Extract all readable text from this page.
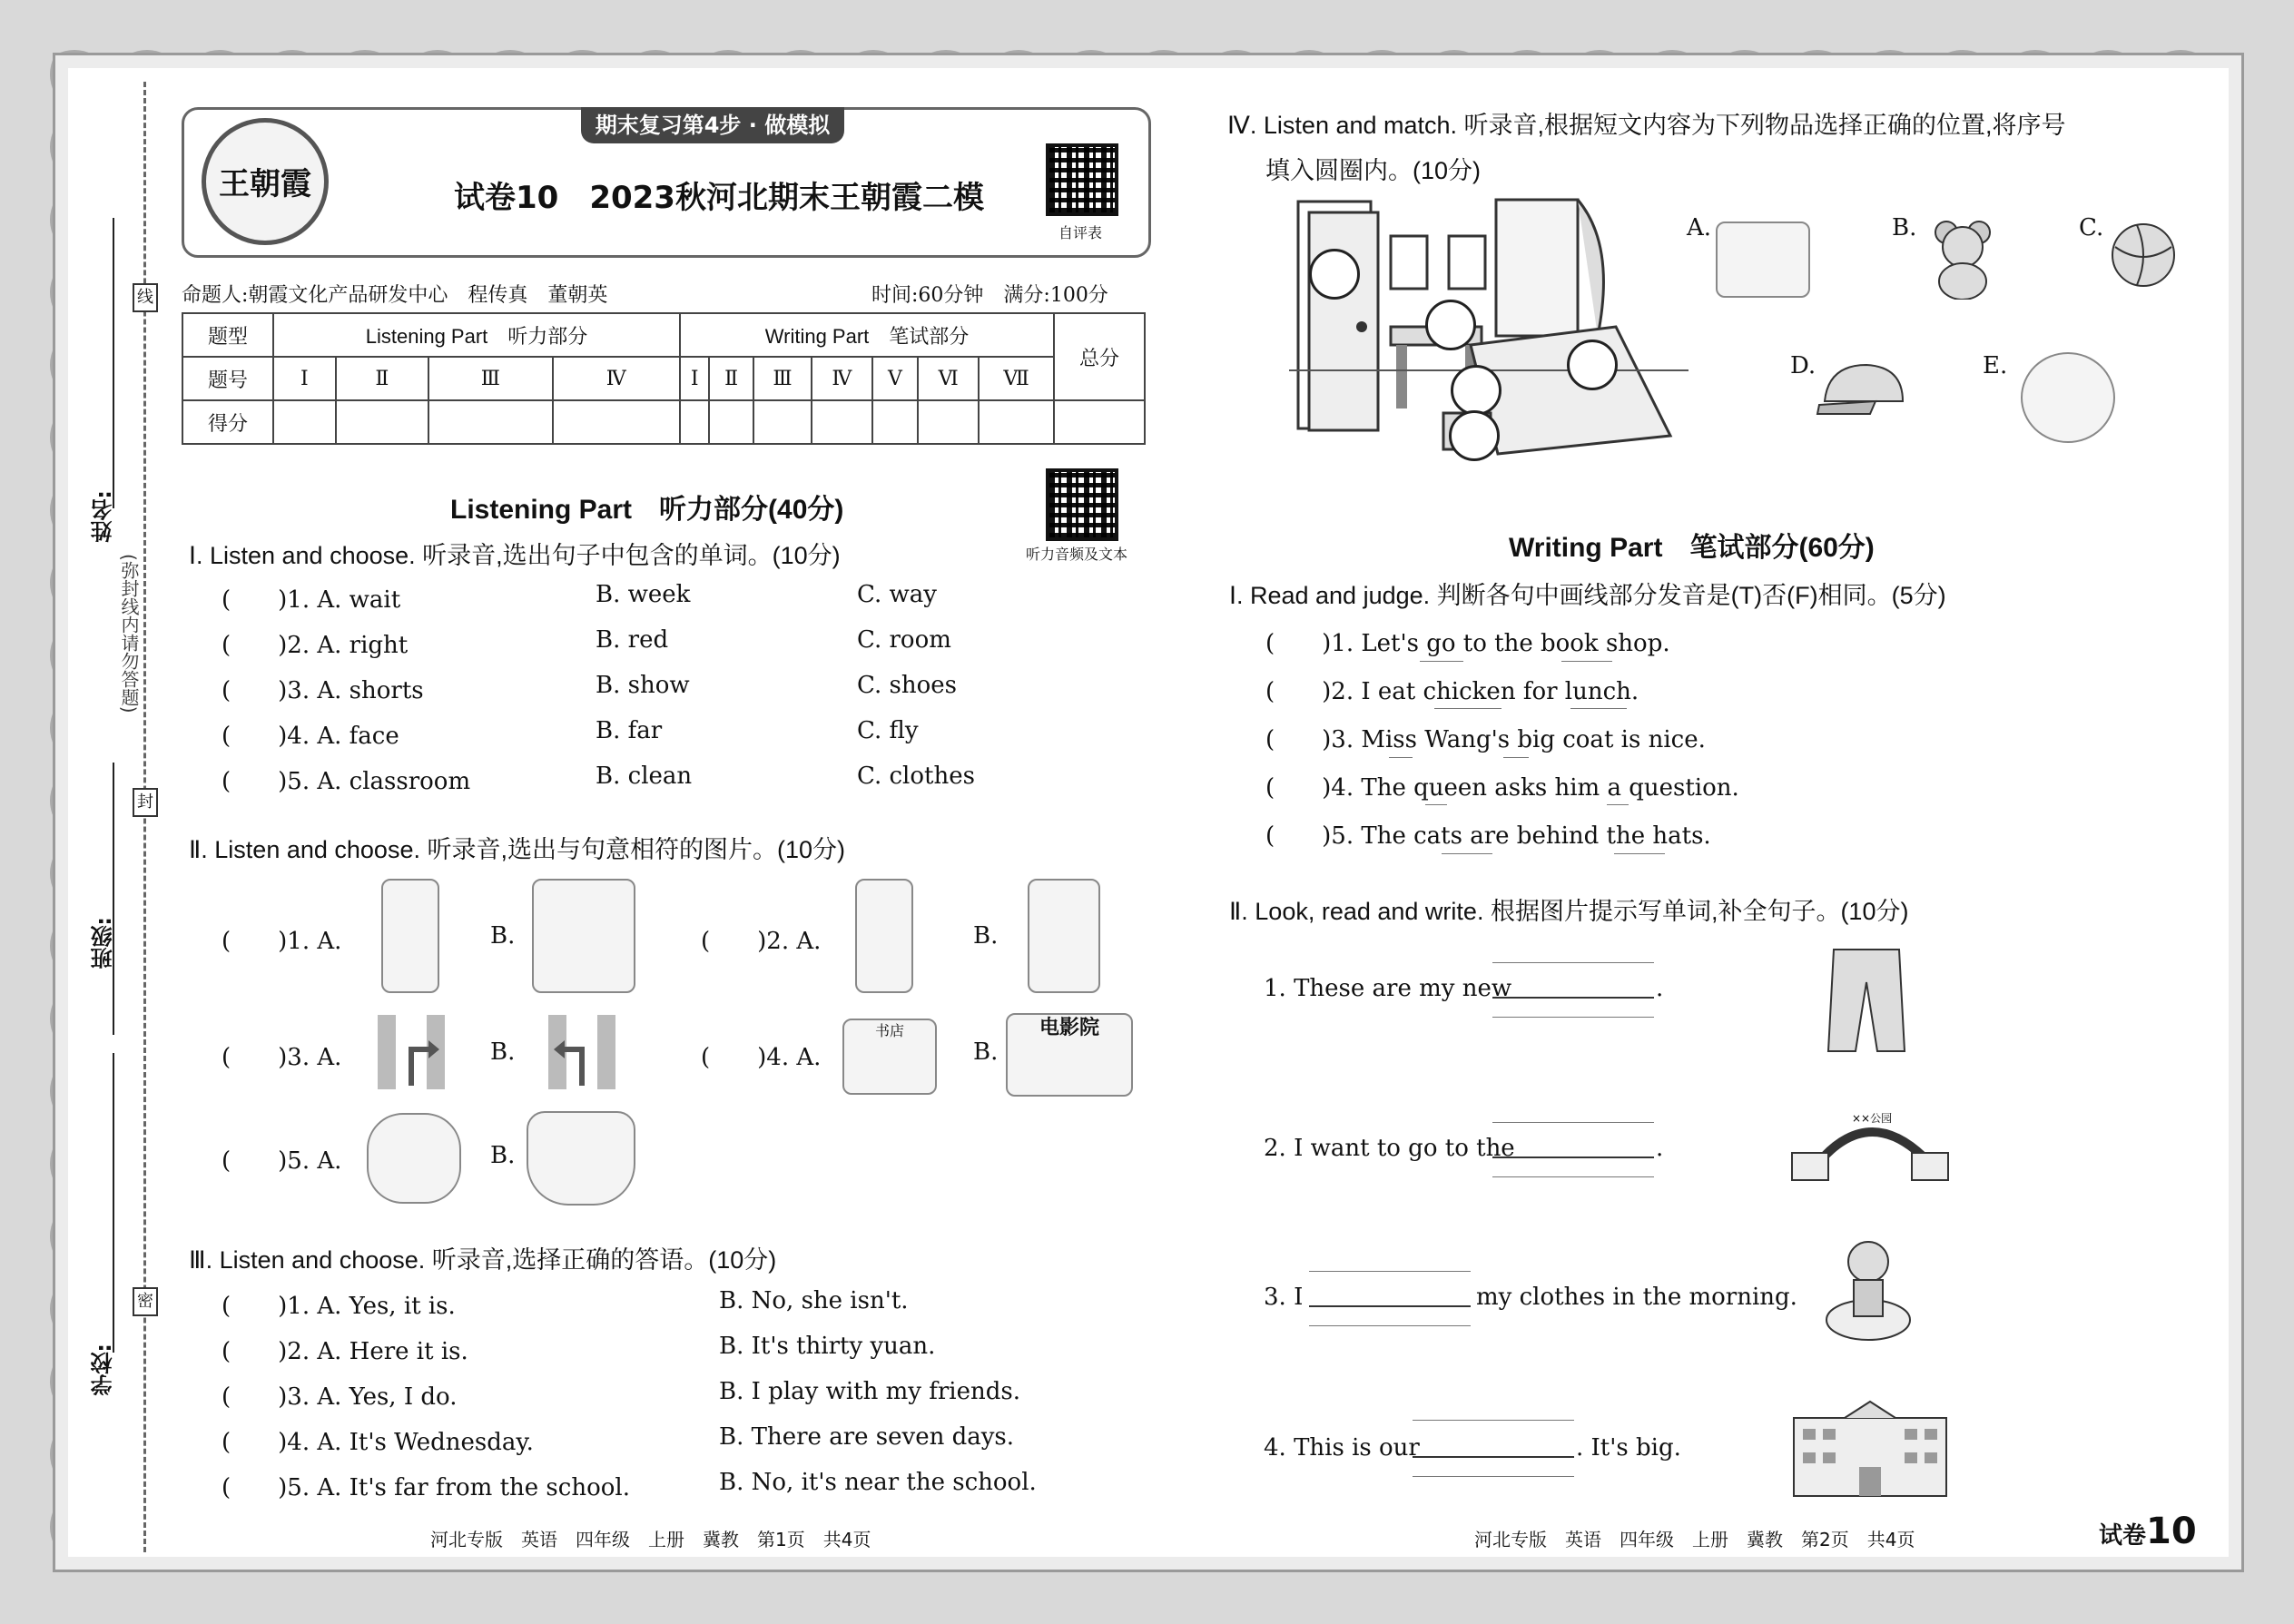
姓名:
班级:
学校:
线
封
密
(弥封线内请勿答题)
期末复习第4步 · 做模拟
王朝霞	试卷10　2023秋河北期末王朝霞二模
自评表
命题人:朝霞文化产品研发中心　程传真　董朝英	时间:60分钟　满分:100分
题型	Listening Part　听力部分				Writing Part　笔试部分							总分
题号	Ⅰ	Ⅱ	Ⅲ	Ⅳ	Ⅰ	Ⅱ	Ⅲ	Ⅳ	Ⅴ	Ⅵ	Ⅶ	
得分												
Listening Part　听力部分(40分)
听力音频及文本
Ⅰ. Listen and choose. 听录音,选出句子中包含的单词。(10分)
(　　)1. A. wait	B. week	C. way
(　　)2. A. right	B. red	C. room
(　　)3. A. shorts	B. show	C. shoes
(　　)4. A. face	B. far	C. fly
(　　)5. A. classroom	B. clean	C. clothes
Ⅱ. Listen and choose. 听录音,选出与句意相符的图片。(10分)
(　　)1. A.	B.	(　　)2. A.	B.
(　　)3. A.	B.	(　　)4. A.
书店
B.
电影院
(　　)5. A.	B.
Ⅲ. Listen and choose. 听录音,选择正确的答语。(10分)
(　　)1. A. Yes, it is.	B. No, she isn't.
(　　)2. A. Here it is.	B. It's thirty yuan.
(　　)3. A. Yes, I do.	B. I play with my friends.
(　　)4. A. It's Wednesday.	B. There are seven days.
(　　)5. A. It's far from the school.	B. No, it's near the school.
Ⅳ. Listen and match. 听录音,根据短文内容为下列物品选择正确的位置,将序号
填入圆圈内。(10分)
A.	B.	C.
D.	E.
Writing Part　笔试部分(60分)
Ⅰ. Read and judge. 判断各句中画线部分发音是(T)否(F)相同。(5分)
(　　)1. Let's go to the book shop.
(　　)2. I eat chicken for lunch.
(　　)3. Miss Wang's big coat is nice.
(　　)4. The queen asks him a question.
(　　)5. The cats are behind the hats.
Ⅱ. Look, read and write. 根据图片提示写单词,补全句子。(10分)
1. These are my new	.
2. I want to go to the	.
××公园
3. I	my clothes in the morning.
4. This is our	. It's big.
河北专版　英语　四年级　上册　冀教　第1页　共4页	河北专版　英语　四年级　上册　冀教　第2页　共4页	试卷10
